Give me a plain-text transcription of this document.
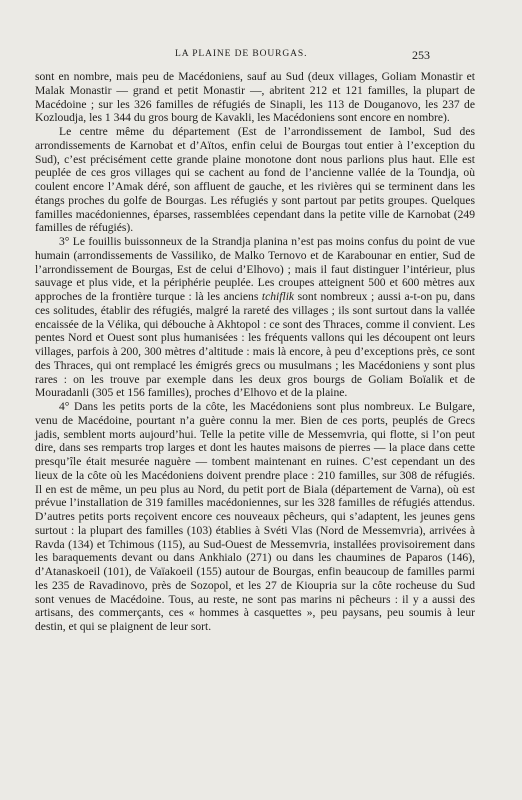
LA PLAINE DE BOURGAS.	253

sont en nombre, mais peu de Macédoniens, sauf au Sud (deux villages, Goliam Monastir et Malak Monastir — grand et petit Monastir —, abritent 212 et 121 familles, la plupart de Macédoine ; sur les 326 familles de réfugiés de Sinapli, les 113 de Douganovo, les 237 de Kozloudja, les 1 344 du gros bourg de Kavakli, les Macédoniens sont encore en nombre).

Le centre même du département (Est de l’arrondissement de Iambol, Sud des arrondissements de Karnobat et d’Aïtos, enfin celui de Bourgas tout entier à l’exception du Sud), c’est précisément cette grande plaine monotone dont nous parlions plus haut. Elle est peuplée de ces gros villages qui se cachent au fond de l’ancienne vallée de la Toundja, où coulent encore l’Amak déré, son affluent de gauche, et les rivières qui se terminent dans les étangs proches du golfe de Bourgas. Les réfugiés y sont partout par petits groupes. Quelques familles macédoniennes, éparses, rassemblées cependant dans la petite ville de Karnobat (249 familles de réfugiés).

3° Le fouillis buissonneux de la Strandja planina n’est pas moins confus du point de vue humain (arrondissements de Vassiliko, de Malko Ternovo et de Karabounar en entier, Sud de l’arrondissement de Bourgas, Est de celui d’Elhovo) ; mais il faut distinguer l’intérieur, plus sauvage et plus vide, et la périphérie peuplée. Les croupes atteignent 500 et 600 mètres aux approches de la frontière turque : là les anciens tchiflik sont nombreux ; aussi a-t-on pu, dans ces solitudes, établir des réfugiés, malgré la rareté des villages ; ils sont surtout dans la vallée encaissée de la Vélika, qui débouche à Akhtopol : ce sont des Thraces, comme il convient. Les pentes Nord et Ouest sont plus humanisées : les fréquents vallons qui les découpent ont leurs villages, parfois à 200, 300 mètres d’altitude : mais là encore, à peu d’exceptions près, ce sont des Thraces, qui ont remplacé les émigrés grecs ou musulmans ; les Macédoniens y sont plus rares : on les trouve par exemple dans les deux gros bourgs de Goliam Boïalik et de Mouradanli (305 et 156 familles), proches d’Elhovo et de la plaine.

4° Dans les petits ports de la côte, les Macédoniens sont plus nombreux. Le Bulgare, venu de Macédoine, pourtant n’a guère connu la mer. Bien de ces ports, peuplés de Grecs jadis, semblent morts aujourd’hui. Telle la petite ville de Messemvria, qui flotte, si l’on peut dire, dans ses remparts trop larges et dont les hautes maisons de pierres — la place dans cette presqu’île était mesurée naguère — tombent maintenant en ruines. C’est cependant un des lieux de la côte où les Macédoniens doivent prendre place : 210 familles, sur 308 de réfugiés. Il en est de même, un peu plus au Nord, du petit port de Biala (département de Varna), où est prévue l’installation de 319 familles macédoniennes, sur les 328 familles de réfugiés attendus. D’autres petits ports reçoivent encore ces nouveaux pêcheurs, qui s’adaptent, les jeunes gens surtout : la plupart des familles (103) établies à Svéti Vlas (Nord de Messemvria), arrivées à Ravda (134) et Tchimous (115), au Sud-Ouest de Messemvria, installées provisoirement dans les baraquements devant ou dans Ankhialo (271) ou dans les chaumines de Paparos (146), d’Atanaskoeil (101), de Vaïakoeil (155) autour de Bourgas, enfin beaucoup de familles parmi les 235 de Ravadinovo, près de Sozopol, et les 27 de Kioupria sur la côte rocheuse du Sud sont venues de Macédoine. Tous, au reste, ne sont pas marins ni pêcheurs : il y a aussi des artisans, des commerçants, ces « hommes à casquettes », peu paysans, peu soumis à leur destin, et qui se plaignent de leur sort.
